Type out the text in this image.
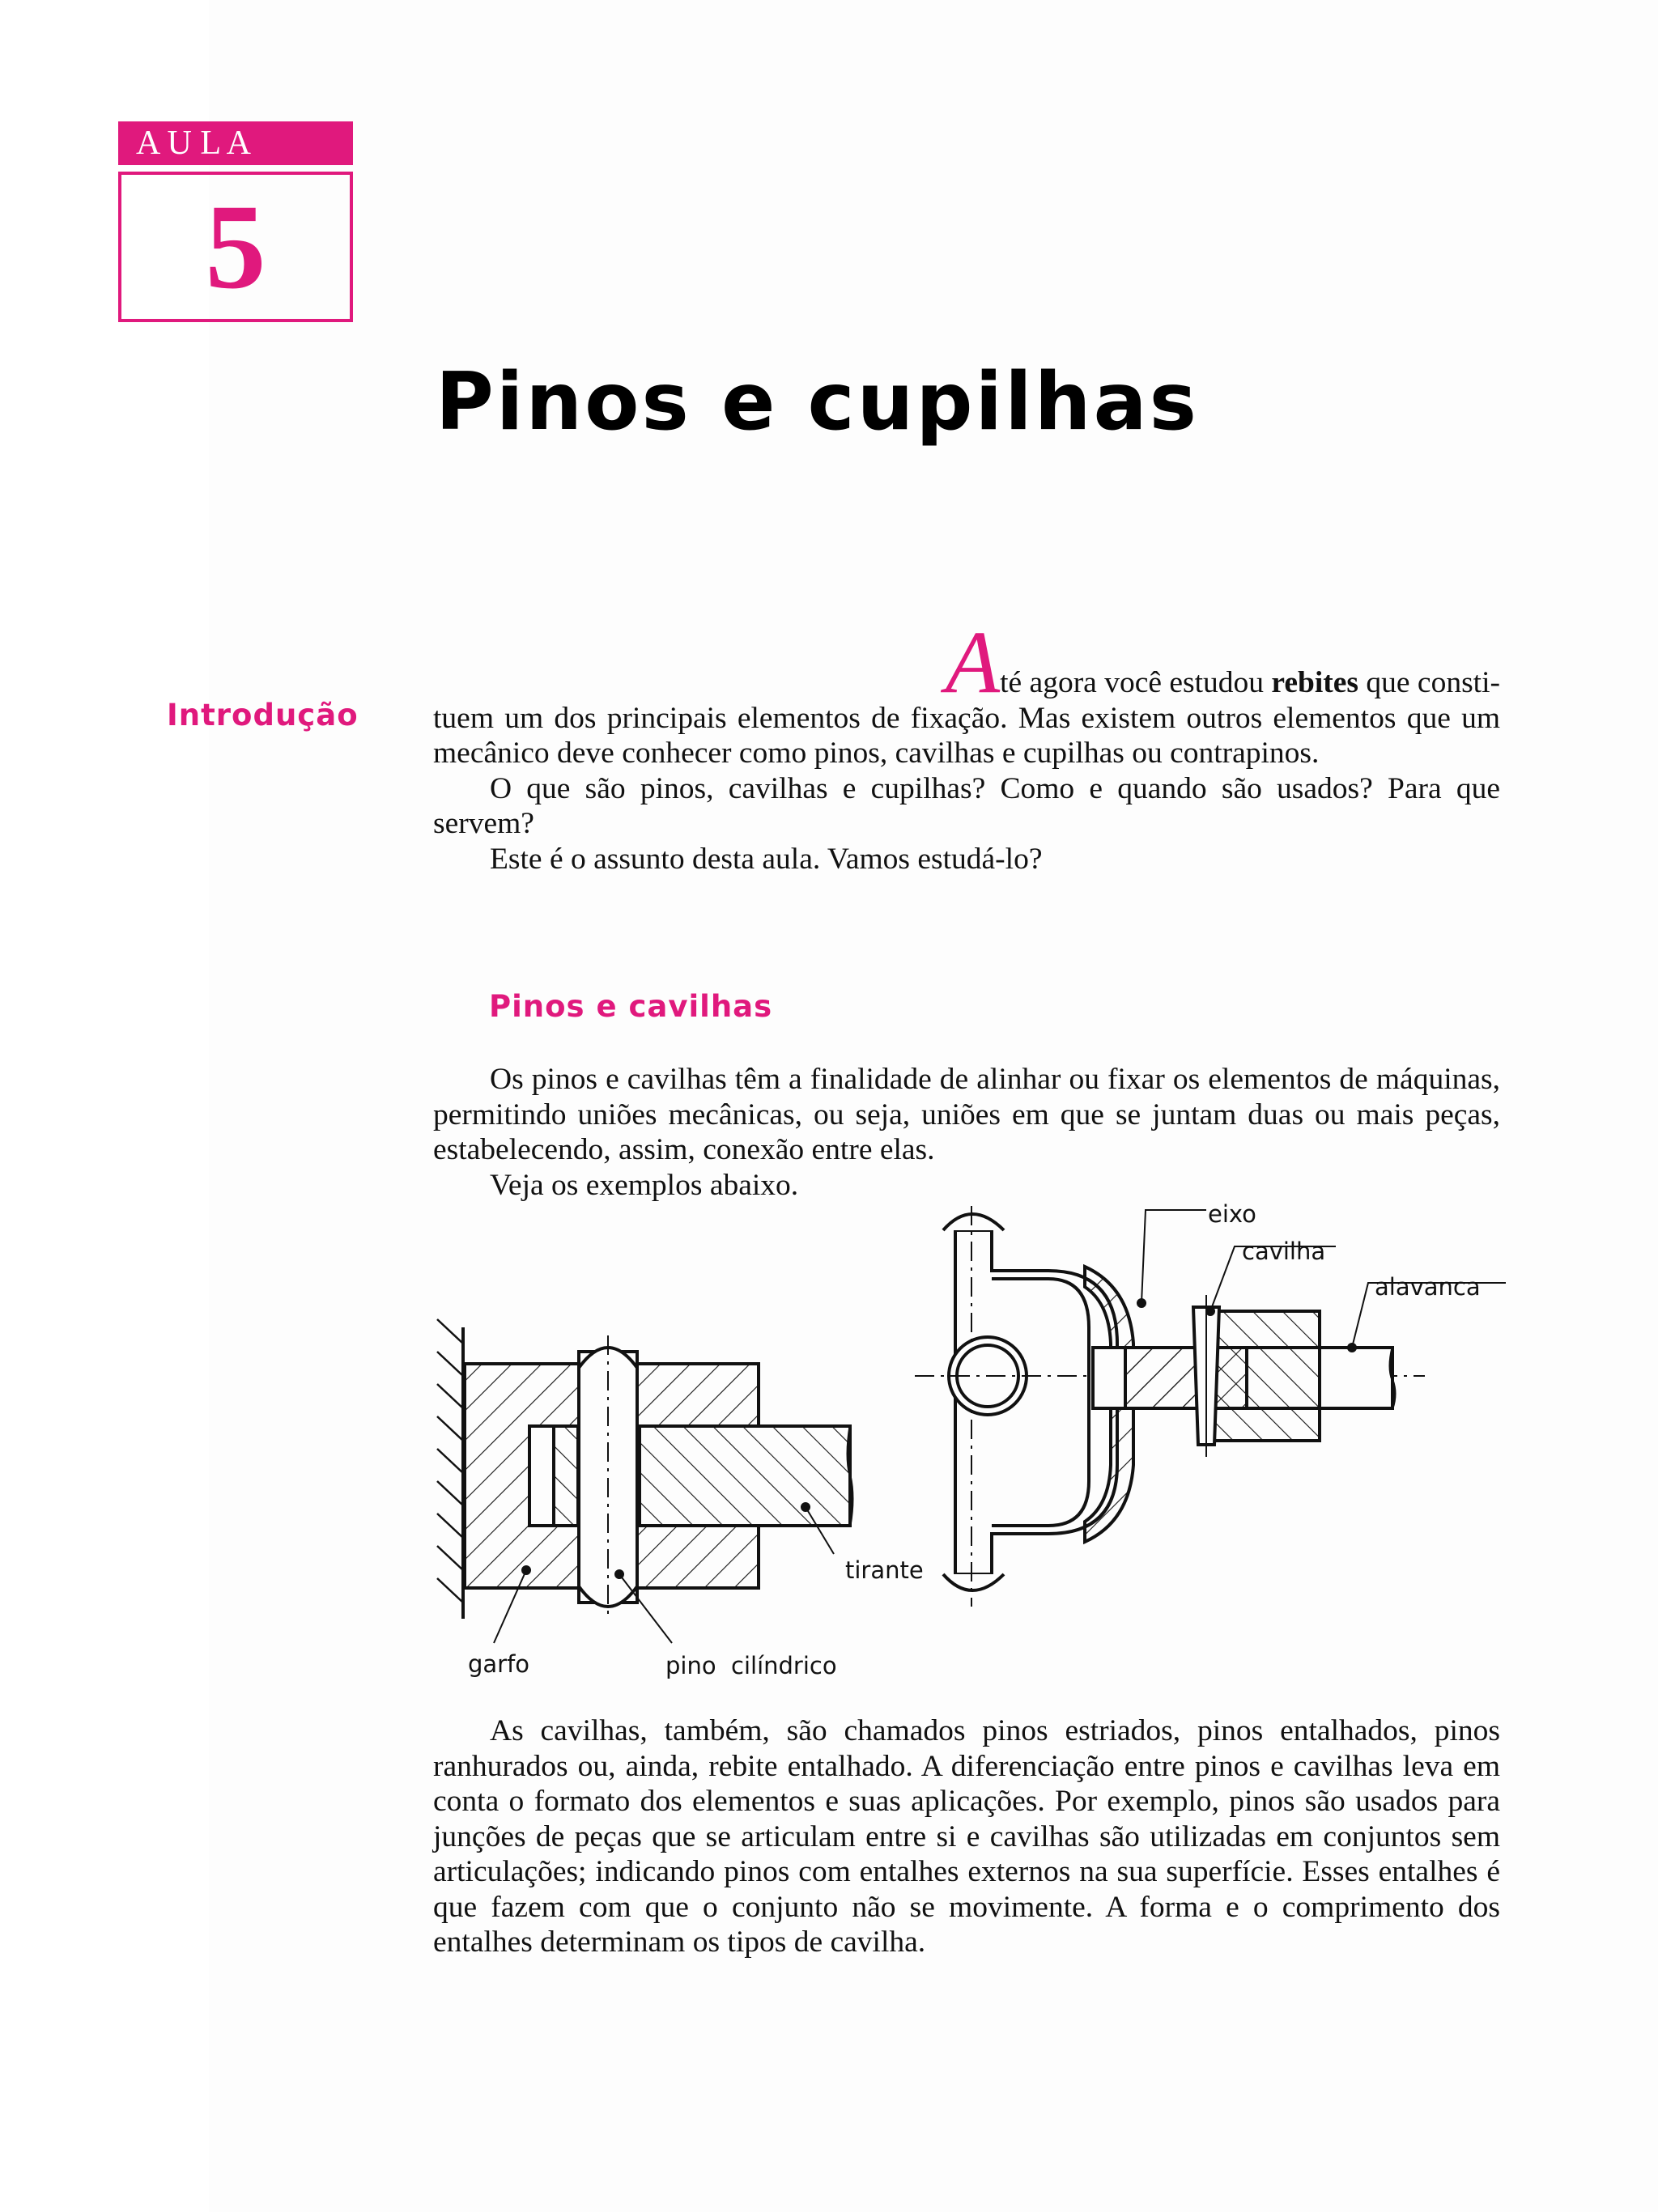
A U L A
5
Pinos e cupilhas
Introdução

Até agora você estudou rebites que consti-

tuem um dos principais elementos de fixação. Mas existem outros elementos que um mecânico deve conhecer como pinos, cavilhas e cupilhas ou contrapinos.

O que são pinos, cavilhas e cupilhas? Como e quando são usados? Para que servem?

Este é o assunto desta aula. Vamos estudá-lo?

Pinos e cavilhas

Os pinos e cavilhas têm a finalidade de alinhar ou fixar os elementos de máquinas, permitindo uniões mecânicas, ou seja, uniões em que se juntam duas ou mais peças, estabelecendo, assim, conexão entre elas.

Veja os exemplos abaixo.

garfo	pino  cilíndrico
tirante
eixo
cavilha
alavanca

As cavilhas, também, são chamados pinos estriados, pinos entalhados, pinos ranhurados ou, ainda, rebite entalhado. A diferenciação entre pinos e cavilhas leva em conta o formato dos elementos e suas aplicações. Por exemplo, pinos são usados para junções de peças que se articulam entre si e cavilhas são utilizadas em conjuntos sem articulações; indicando pinos com entalhes externos na sua superfície. Esses entalhes é que fazem com que o conjunto não se movimente. A forma e o comprimento dos entalhes determinam os tipos de cavilha.
